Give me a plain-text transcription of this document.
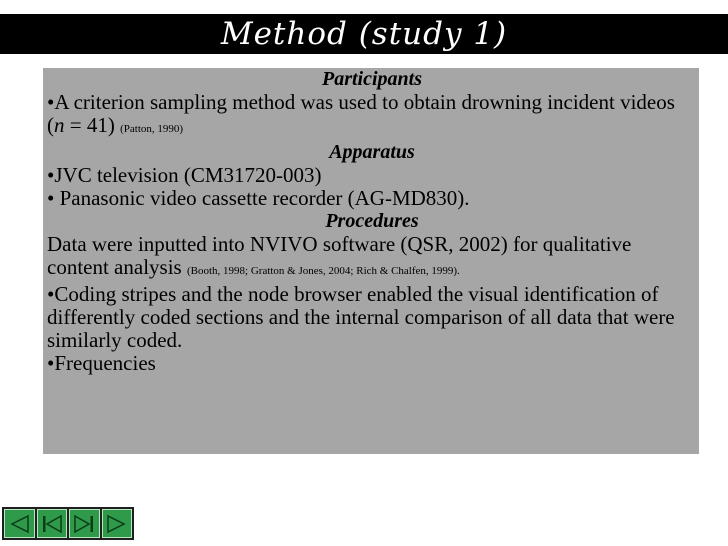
Method (study 1)

Participants

•A criterion sampling method was used to obtain drowning incident videos (n = 41) (Patton, 1990)

Apparatus

•JVC television (CM31720-003)

• Panasonic video cassette recorder (AG-MD830).

Procedures

Data were inputted into NVIVO software (QSR, 2002) for qualitative content analysis (Booth, 1998; Gratton & Jones, 2004; Rich & Chalfen, 1999).

•Coding stripes and the node browser enabled the visual identification of differently coded sections and the internal comparison of all data that were similarly coded.

•Frequencies
